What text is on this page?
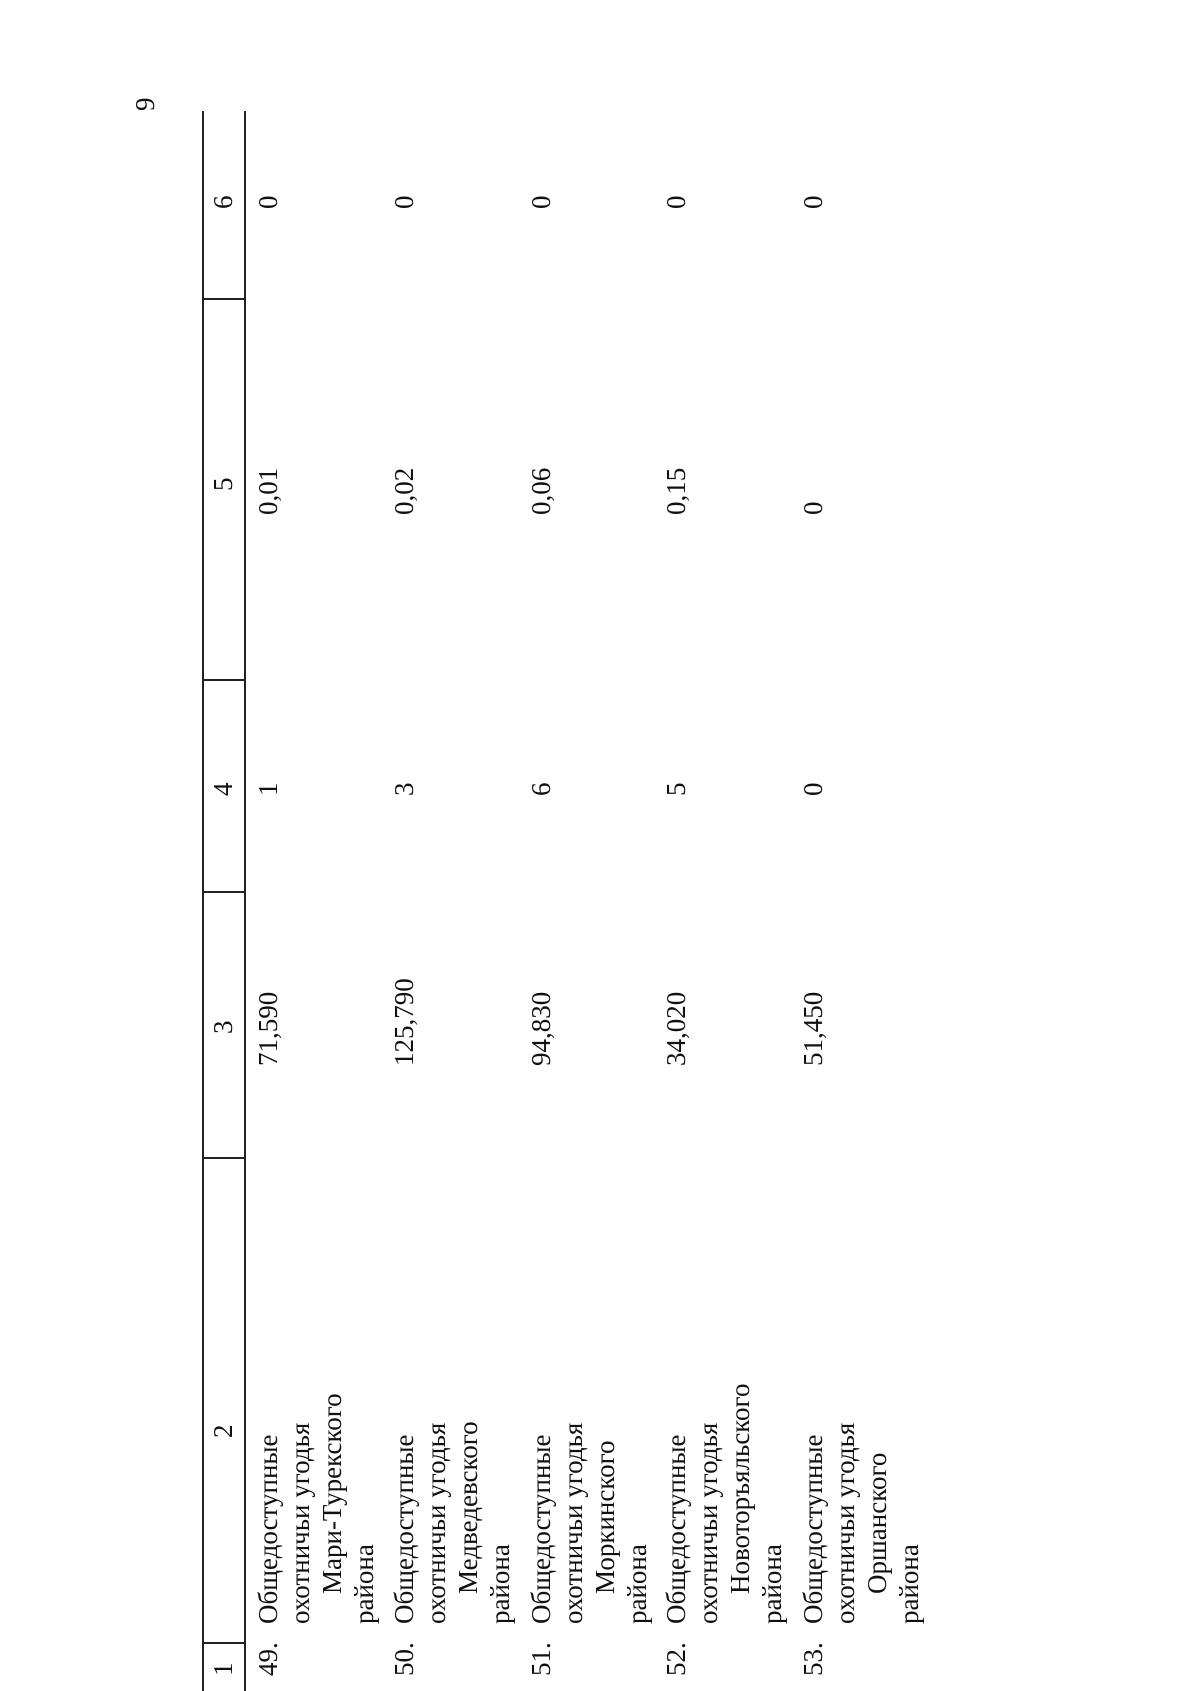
9
1
2
3
4
5
6
49.
Общедоступные охотничьи угодья Мари-Турекского района
71,590
1
0,01
0
50.
Общедоступные охотничьи угодья Медведевского района
125,790
3
0,02
0
51.
Общедоступные охотничьи угодья Моркинского района
94,830
6
0,06
0
52.
Общедоступные охотничьи угодья Новоторъяльского района
34,020
5
0,15
0
53.
Общедоступные охотничьи угодья Оршанского района
51,450
0
0
0
